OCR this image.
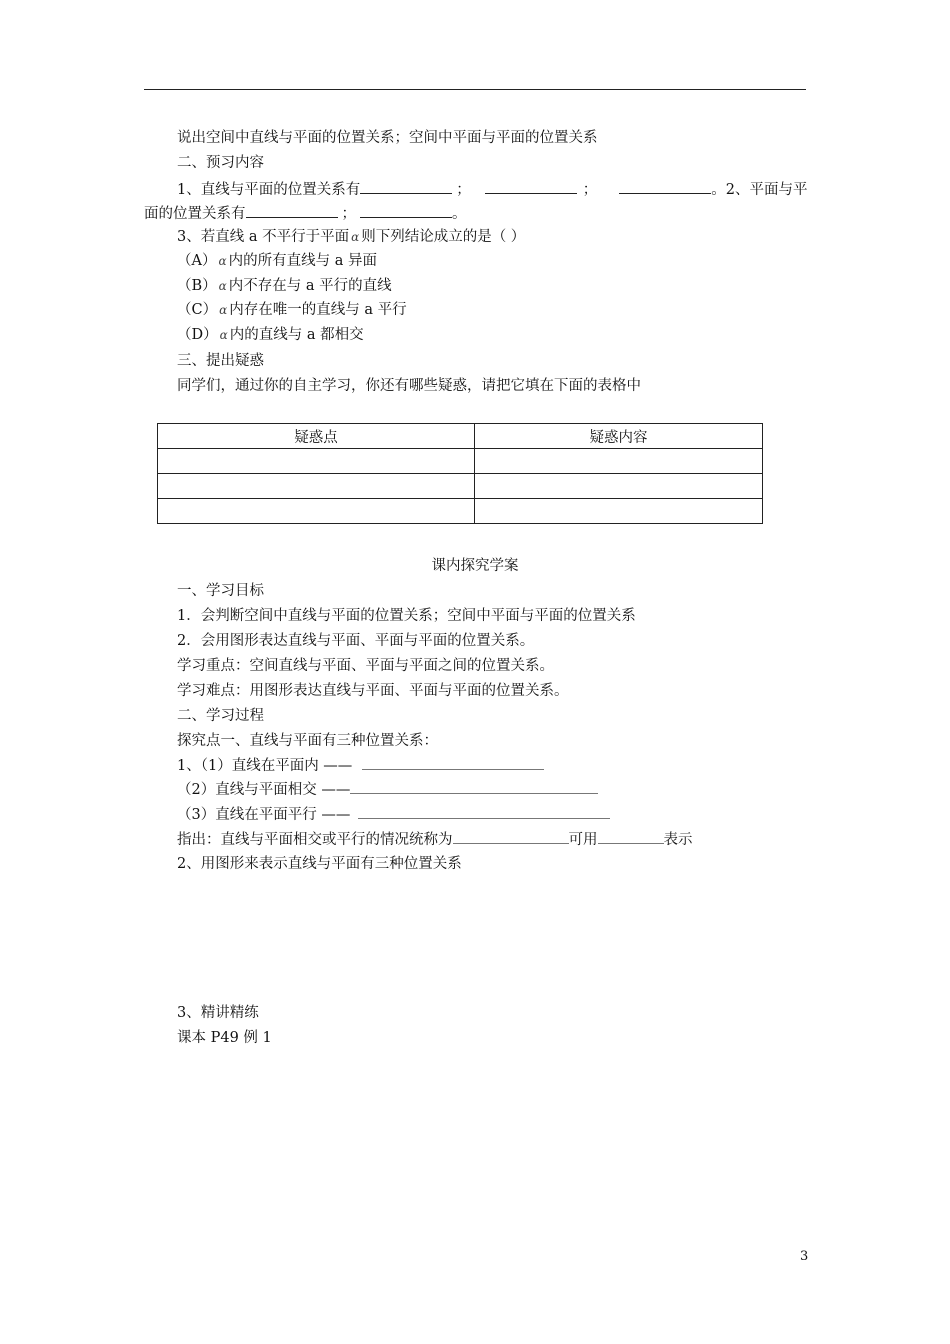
说出空间中直线与平面的位置关系；空间中平面与平面的位置关系
二、预习内容
1、直线与平面的位置关系有	；	；	。2、平面与平
面的位置关系有	；	。
3、若直线 a 不平行于平面 α 则下列结论成立的是（ ）
（A） α 内的所有直线与 a 异面
（B） α 内不存在与 a 平行的直线
（C） α 内存在唯一的直线与 a 平行
（D） α 内的直线与 a 都相交
三、提出疑惑
同学们，通过你的自主学习，你还有哪些疑惑，请把它填在下面的表格中
疑惑点	疑惑内容

课内探究学案
一、学习目标
1．会判断空间中直线与平面的位置关系；空间中平面与平面的位置关系
2．会用图形表达直线与平面、平面与平面的位置关系。
学习重点：空间直线与平面、平面与平面之间的位置关系。
学习难点：用图形表达直线与平面、平面与平面的位置关系。
二、学习过程
探究点一、直线与平面有三种位置关系：
1、（1）直线在平面内 ——
（2）直线与平面相交 ——
（3）直线在平面平行 ——
指出：直线与平面相交或平行的情况统称为	可用	表示
2、用图形来表示直线与平面有三种位置关系
3、精讲精练
课本 P49 例 1
3
